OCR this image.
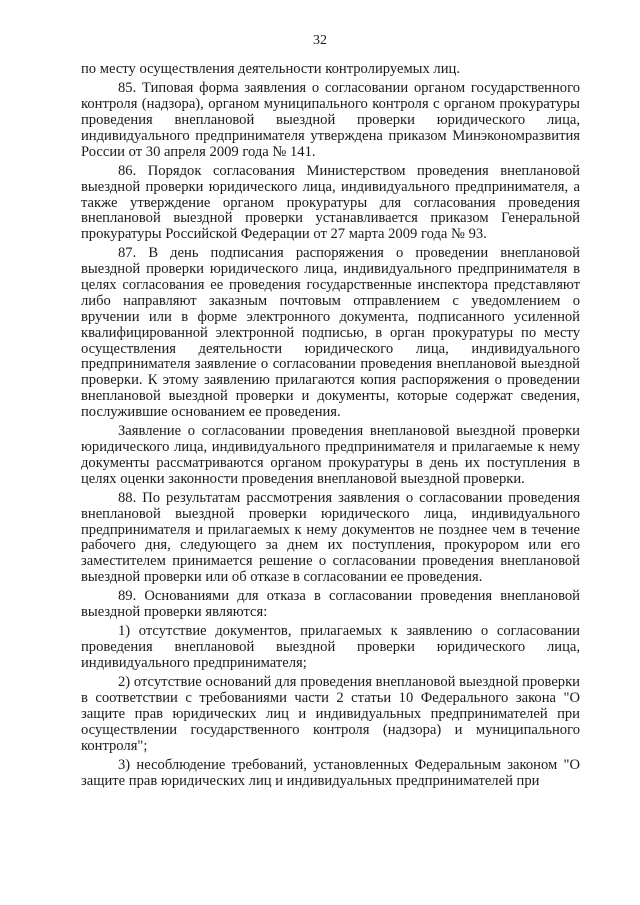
32

по месту осуществления деятельности контролируемых лиц.

85. Типовая форма заявления о согласовании органом государственного контроля (надзора), органом муниципального контроля с органом прокуратуры проведения внеплановой выездной проверки юридического лица, индивидуального предпринимателя утверждена приказом Минэкономразвития России от 30 апреля 2009 года № 141.

86. Порядок согласования Министерством проведения внеплановой выездной проверки юридического лица, индивидуального предпринимателя, а также утверждение органом прокуратуры для согласования проведения внеплановой выездной проверки устанавливается приказом Генеральной прокуратуры Российской Федерации от 27 марта 2009 года № 93.

87. В день подписания распоряжения о проведении внеплановой выездной проверки юридического лица, индивидуального предпринимателя в целях согласования ее проведения государственные инспектора представляют либо направляют заказным почтовым отправлением с уведомлением о вручении или в форме электронного документа, подписанного усиленной квалифицированной электронной подписью, в орган прокуратуры по месту осуществления деятельности юридического лица, индивидуального предпринимателя заявление о согласовании проведения внеплановой выездной проверки. К этому заявлению прилагаются копия распоряжения о проведении внеплановой выездной проверки и документы, которые содержат сведения, послужившие основанием ее проведения.

Заявление о согласовании проведения внеплановой выездной проверки юридического лица, индивидуального предпринимателя и прилагаемые к нему документы рассматриваются органом прокуратуры в день их поступления в целях оценки законности проведения внеплановой выездной проверки.

88. По результатам рассмотрения заявления о согласовании проведения внеплановой выездной проверки юридического лица, индивидуального предпринимателя и прилагаемых к нему документов не позднее чем в течение рабочего дня, следующего за днем их поступления, прокурором или его заместителем принимается решение о согласовании проведения внеплановой выездной проверки или об отказе в согласовании ее проведения.

89. Основаниями для отказа в согласовании проведения внеплановой выездной проверки являются:

1) отсутствие документов, прилагаемых к заявлению о согласовании проведения внеплановой выездной проверки юридического лица, индивидуального предпринимателя;

2) отсутствие оснований для проведения внеплановой выездной проверки в соответствии с требованиями части 2 статьи 10 Федерального закона "О защите прав юридических лиц и индивидуальных предпринимателей при осуществлении государственного контроля (надзора) и муниципального контроля";

3) несоблюдение требований, установленных Федеральным законом "О защите прав юридических лиц и индивидуальных предпринимателей при
